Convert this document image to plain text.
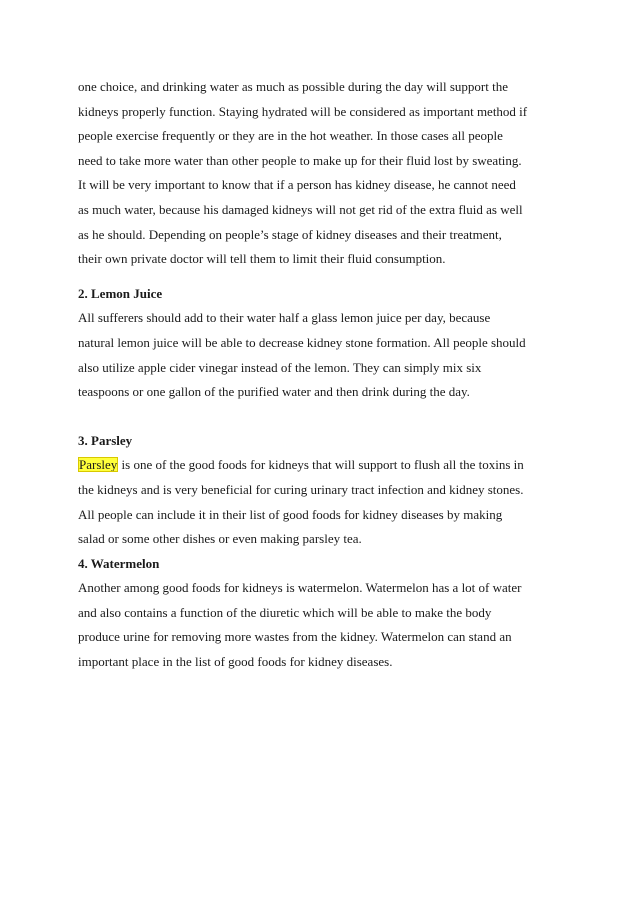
one choice, and drinking water as much as possible during the day will support the
kidneys properly function. Staying hydrated will be considered as important method if
people exercise frequently or they are in the hot weather. In those cases all people
need to take more water than other people to make up for their fluid lost by sweating.
It will be very important to know that if a person has kidney disease, he cannot need
as much water, because his damaged kidneys will not get rid of the extra fluid as well
as he should. Depending on people’s stage of kidney diseases and their treatment,
their own private doctor will tell them to limit their fluid consumption.
2. Lemon Juice
All sufferers should add to their water half a glass lemon juice per day, because
natural lemon juice will be able to decrease kidney stone formation. All people should
also utilize apple cider vinegar instead of the lemon. They can simply mix six
teaspoons or one gallon of the purified water and then drink during the day.
3. Parsley
Parsley is one of the good foods for kidneys that will support to flush all the toxins in
the kidneys and is very beneficial for curing urinary tract infection and kidney stones.
All people can include it in their list of good foods for kidney diseases by making
salad or some other dishes or even making parsley tea.
4. Watermelon
Another among good foods for kidneys is watermelon. Watermelon has a lot of water
and also contains a function of the diuretic which will be able to make the body
produce urine for removing more wastes from the kidney. Watermelon can stand an
important place in the list of good foods for kidney diseases.
